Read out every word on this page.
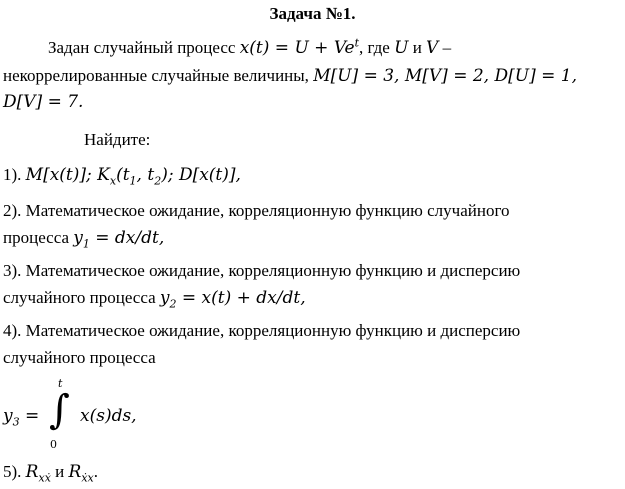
Задача №1.
Задан случайный процесс $x(t) = U + Ve^t$, где U и V –
некоррелированные случайные величины, M[U] = 3, M[V] = 2, D[U] = 1,
D[V] = 7.
Найдите:
1). M[x(t)]; $K_x(t_1$, $t_2$); D[x(t)],
2). Математическое ожидание, корреляционную функцию случайного
процесса $y_1 = dx/dt$,
3). Математическое ожидание, корреляционную функцию и дисперсию
случайного процесса $y_2 = x(t) + dx/dt$,
4). Математическое ожидание, корреляционную функцию и дисперсию
случайного процесса
$y_3$ =
t
∫
0
x(s)ds,
5). $R_{xẋ}$ и $R_{ẋx}$.
